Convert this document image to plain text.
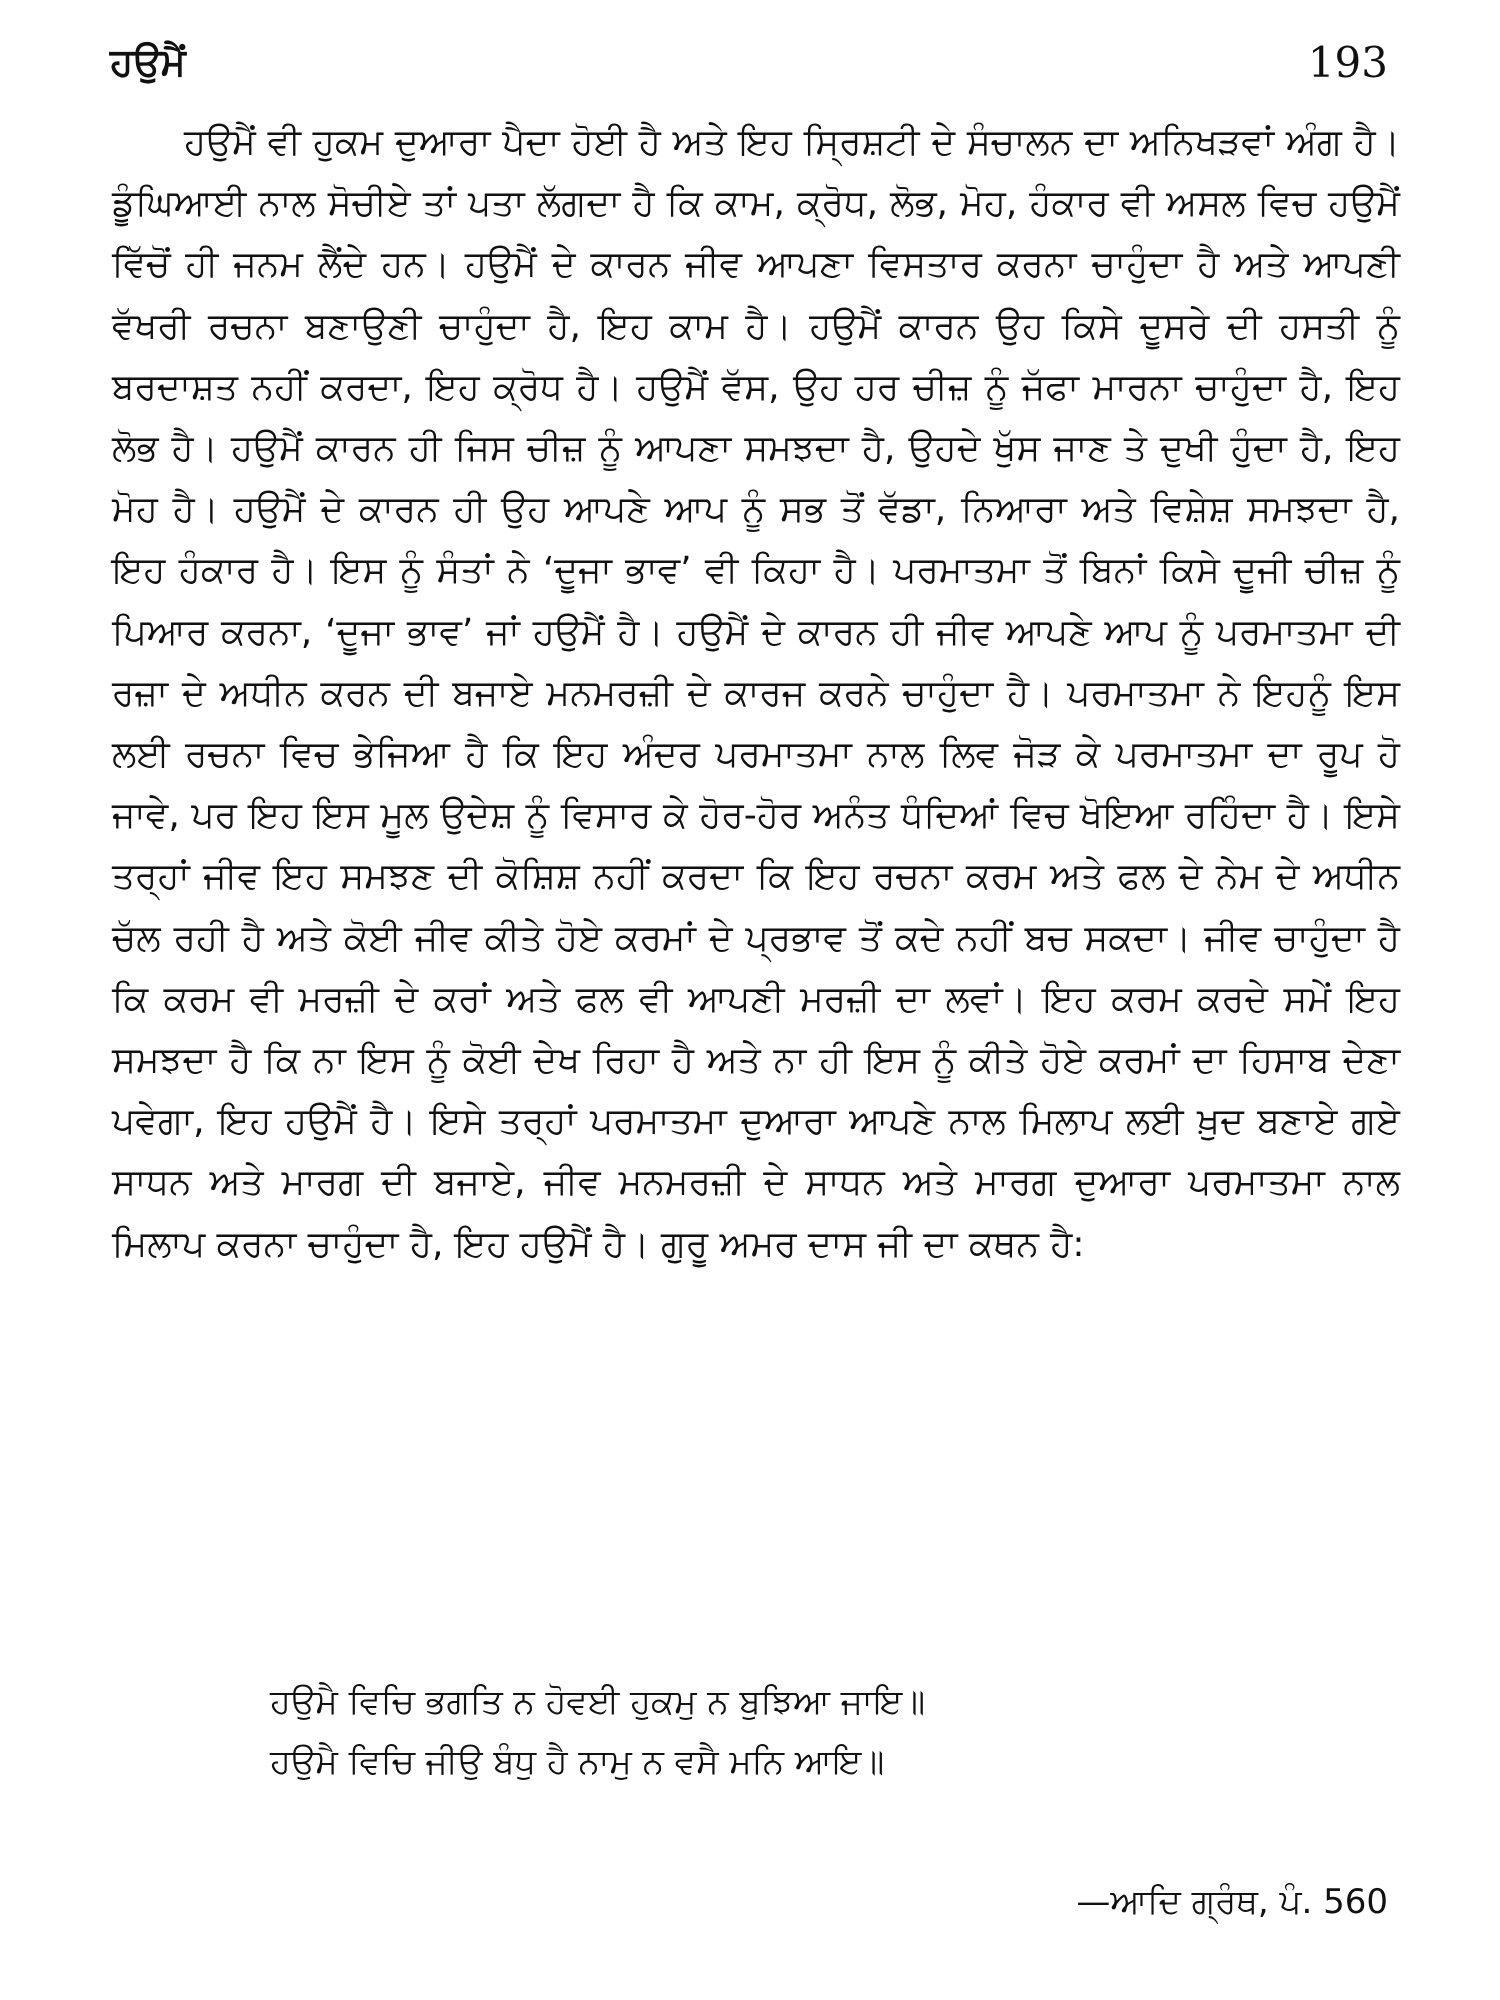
ਹਉਮੈਂ	193

ਹਉਮੈਂ ਵੀ ਹੁਕਮ ਦੁਆਰਾ ਪੈਦਾ ਹੋਈ ਹੈ ਅਤੇ ਇਹ ਸ੍ਰਿਸ਼ਟੀ ਦੇ ਸੰਚਾਲਨ ਦਾ ਅਨਿਖੜਵਾਂ ਅੰਗ ਹੈ। ਡੂੰਘਿਆਈ ਨਾਲ ਸੋਚੀਏ ਤਾਂ ਪਤਾ ਲੱਗਦਾ ਹੈ ਕਿ ਕਾਮ, ਕ੍ਰੋਧ, ਲੋਭ, ਮੋਹ, ਹੰਕਾਰ ਵੀ ਅਸਲ ਵਿਚ ਹਉਮੈਂ ਵਿੱਚੋਂ ਹੀ ਜਨਮ ਲੈਂਦੇ ਹਨ। ਹਉਮੈਂ ਦੇ ਕਾਰਨ ਜੀਵ ਆਪਣਾ ਵਿਸਤਾਰ ਕਰਨਾ ਚਾਹੁੰਦਾ ਹੈ ਅਤੇ ਆਪਣੀ ਵੱਖਰੀ ਰਚਨਾ ਬਣਾਉਣੀ ਚਾਹੁੰਦਾ ਹੈ, ਇਹ ਕਾਮ ਹੈ। ਹਉਮੈਂ ਕਾਰਨ ਉਹ ਕਿਸੇ ਦੂਸਰੇ ਦੀ ਹਸਤੀ ਨੂੰ ਬਰਦਾਸ਼ਤ ਨਹੀਂ ਕਰਦਾ, ਇਹ ਕ੍ਰੋਧ ਹੈ। ਹਉਮੈਂ ਵੱਸ, ਉਹ ਹਰ ਚੀਜ਼ ਨੂੰ ਜੱਫਾ ਮਾਰਨਾ ਚਾਹੁੰਦਾ ਹੈ, ਇਹ ਲੋਭ ਹੈ। ਹਉਮੈਂ ਕਾਰਨ ਹੀ ਜਿਸ ਚੀਜ਼ ਨੂੰ ਆਪਣਾ ਸਮਝਦਾ ਹੈ, ਉਹਦੇ ਖੁੱਸ ਜਾਣ ਤੇ ਦੁਖੀ ਹੁੰਦਾ ਹੈ, ਇਹ ਮੋਹ ਹੈ। ਹਉਮੈਂ ਦੇ ਕਾਰਨ ਹੀ ਉਹ ਆਪਣੇ ਆਪ ਨੂੰ ਸਭ ਤੋਂ ਵੱਡਾ, ਨਿਆਰਾ ਅਤੇ ਵਿਸ਼ੇਸ਼ ਸਮਝਦਾ ਹੈ, ਇਹ ਹੰਕਾਰ ਹੈ। ਇਸ ਨੂੰ ਸੰਤਾਂ ਨੇ ‘ਦੂਜਾ ਭਾਵ’ ਵੀ ਕਿਹਾ ਹੈ। ਪਰਮਾਤਮਾ ਤੋਂ ਬਿਨਾਂ ਕਿਸੇ ਦੂਜੀ ਚੀਜ਼ ਨੂੰ ਪਿਆਰ ਕਰਨਾ, ‘ਦੂਜਾ ਭਾਵ’ ਜਾਂ ਹਉਮੈਂ ਹੈ। ਹਉਮੈਂ ਦੇ ਕਾਰਨ ਹੀ ਜੀਵ ਆਪਣੇ ਆਪ ਨੂੰ ਪਰਮਾਤਮਾ ਦੀ ਰਜ਼ਾ ਦੇ ਅਧੀਨ ਕਰਨ ਦੀ ਬਜਾਏ ਮਨਮਰਜ਼ੀ ਦੇ ਕਾਰਜ ਕਰਨੇ ਚਾਹੁੰਦਾ ਹੈ। ਪਰਮਾਤਮਾ ਨੇ ਇਹਨੂੰ ਇਸ ਲਈ ਰਚਨਾ ਵਿਚ ਭੇਜਿਆ ਹੈ ਕਿ ਇਹ ਅੰਦਰ ਪਰਮਾਤਮਾ ਨਾਲ ਲਿਵ ਜੋੜ ਕੇ ਪਰਮਾਤਮਾ ਦਾ ਰੂਪ ਹੋ ਜਾਵੇ, ਪਰ ਇਹ ਇਸ ਮੂਲ ਉਦੇਸ਼ ਨੂੰ ਵਿਸਾਰ ਕੇ ਹੋਰ-ਹੋਰ ਅਨੰਤ ਧੰਦਿਆਂ ਵਿਚ ਖੋਇਆ ਰਹਿੰਦਾ ਹੈ। ਇਸੇ ਤਰ੍ਹਾਂ ਜੀਵ ਇਹ ਸਮਝਣ ਦੀ ਕੋਸ਼ਿਸ਼ ਨਹੀਂ ਕਰਦਾ ਕਿ ਇਹ ਰਚਨਾ ਕਰਮ ਅਤੇ ਫਲ ਦੇ ਨੇਮ ਦੇ ਅਧੀਨ ਚੱਲ ਰਹੀ ਹੈ ਅਤੇ ਕੋਈ ਜੀਵ ਕੀਤੇ ਹੋਏ ਕਰਮਾਂ ਦੇ ਪ੍ਰਭਾਵ ਤੋਂ ਕਦੇ ਨਹੀਂ ਬਚ ਸਕਦਾ। ਜੀਵ ਚਾਹੁੰਦਾ ਹੈ ਕਿ ਕਰਮ ਵੀ ਮਰਜ਼ੀ ਦੇ ਕਰਾਂ ਅਤੇ ਫਲ ਵੀ ਆਪਣੀ ਮਰਜ਼ੀ ਦਾ ਲਵਾਂ। ਇਹ ਕਰਮ ਕਰਦੇ ਸਮੇਂ ਇਹ ਸਮਝਦਾ ਹੈ ਕਿ ਨਾ ਇਸ ਨੂੰ ਕੋਈ ਦੇਖ ਰਿਹਾ ਹੈ ਅਤੇ ਨਾ ਹੀ ਇਸ ਨੂੰ ਕੀਤੇ ਹੋਏ ਕਰਮਾਂ ਦਾ ਹਿਸਾਬ ਦੇਣਾ ਪਵੇਗਾ, ਇਹ ਹਉਮੈਂ ਹੈ। ਇਸੇ ਤਰ੍ਹਾਂ ਪਰਮਾਤਮਾ ਦੁਆਰਾ ਆਪਣੇ ਨਾਲ ਮਿਲਾਪ ਲਈ ਖ਼ੁਦ ਬਣਾਏ ਗਏ ਸਾਧਨ ਅਤੇ ਮਾਰਗ ਦੀ ਬਜਾਏ, ਜੀਵ ਮਨਮਰਜ਼ੀ ਦੇ ਸਾਧਨ ਅਤੇ ਮਾਰਗ ਦੁਆਰਾ ਪਰਮਾਤਮਾ ਨਾਲ ਮਿਲਾਪ ਕਰਨਾ ਚਾਹੁੰਦਾ ਹੈ, ਇਹ ਹਉਮੈਂ ਹੈ। ਗੁਰੂ ਅਮਰ ਦਾਸ ਜੀ ਦਾ ਕਥਨ ਹੈ:

ਹਉਮੈ ਵਿਚਿ ਭਗਤਿ ਨ ਹੋਵਈ ਹੁਕਮੁ ਨ ਬੁਝਿਆ ਜਾਇ॥
ਹਉਮੈ ਵਿਚਿ ਜੀਉ ਬੰਧੁ ਹੈ ਨਾਮੁ ਨ ਵਸੈ ਮਨਿ ਆਇ॥
—ਆਦਿ ਗ੍ਰੰਥ, ਪੰ. 560
